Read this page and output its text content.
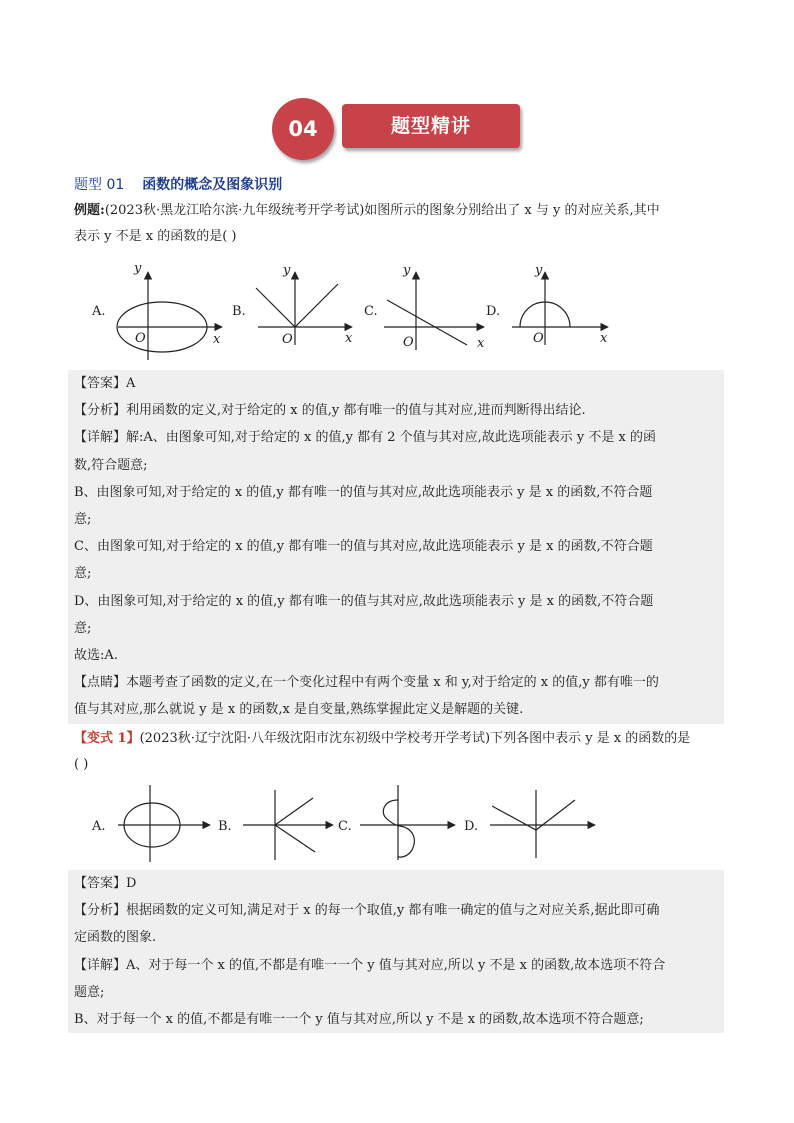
04	题型精讲
题型 01 函数的概念及图象识别
例题:(2023秋·黑龙江哈尔滨·九年级统考开学考试)如图所示的图象分别给出了 x 与 y 的对应关系,其中
表示 y 不是 x 的函数的是( )
A.	B.	C.	D.
y
x
O
y
x
O
y
x
O
y
x
O

【答案】A

【分析】利用函数的定义,对于给定的 x 的值,y 都有唯一的值与其对应,进而判断得出结论.

【详解】解:A、由图象可知,对于给定的 x 的值,y 都有 2 个值与其对应,故此选项能表示 y 不是 x 的函

数,符合题意;

B、由图象可知,对于给定的 x 的值,y 都有唯一的值与其对应,故此选项能表示 y 是 x 的函数,不符合题

意;

C、由图象可知,对于给定的 x 的值,y 都有唯一的值与其对应,故此选项能表示 y 是 x 的函数,不符合题

意;

D、由图象可知,对于给定的 x 的值,y 都有唯一的值与其对应,故此选项能表示 y 是 x 的函数,不符合题

意;

故选:A.

【点睛】本题考查了函数的定义,在一个变化过程中有两个变量 x 和 y,对于给定的 x 的值,y 都有唯一的

值与其对应,那么就说 y 是 x 的函数,x 是自变量,熟练掌握此定义是解题的关键.

【变式 1】(2023秋·辽宁沈阳·八年级沈阳市沈东初级中学校考开学考试)下列各图中表示 y 是 x 的函数的是
( )
A.	B.	C.	D.

【答案】D

【分析】根据函数的定义可知,满足对于 x 的每一个取值,y 都有唯一确定的值与之对应关系,据此即可确

定函数的图象.

【详解】A、对于每一个 x 的值,不都是有唯一一个 y 值与其对应,所以 y 不是 x 的函数,故本选项不符合

题意;

B、对于每一个 x 的值,不都是有唯一一个 y 值与其对应,所以 y 不是 x 的函数,故本选项不符合题意;
